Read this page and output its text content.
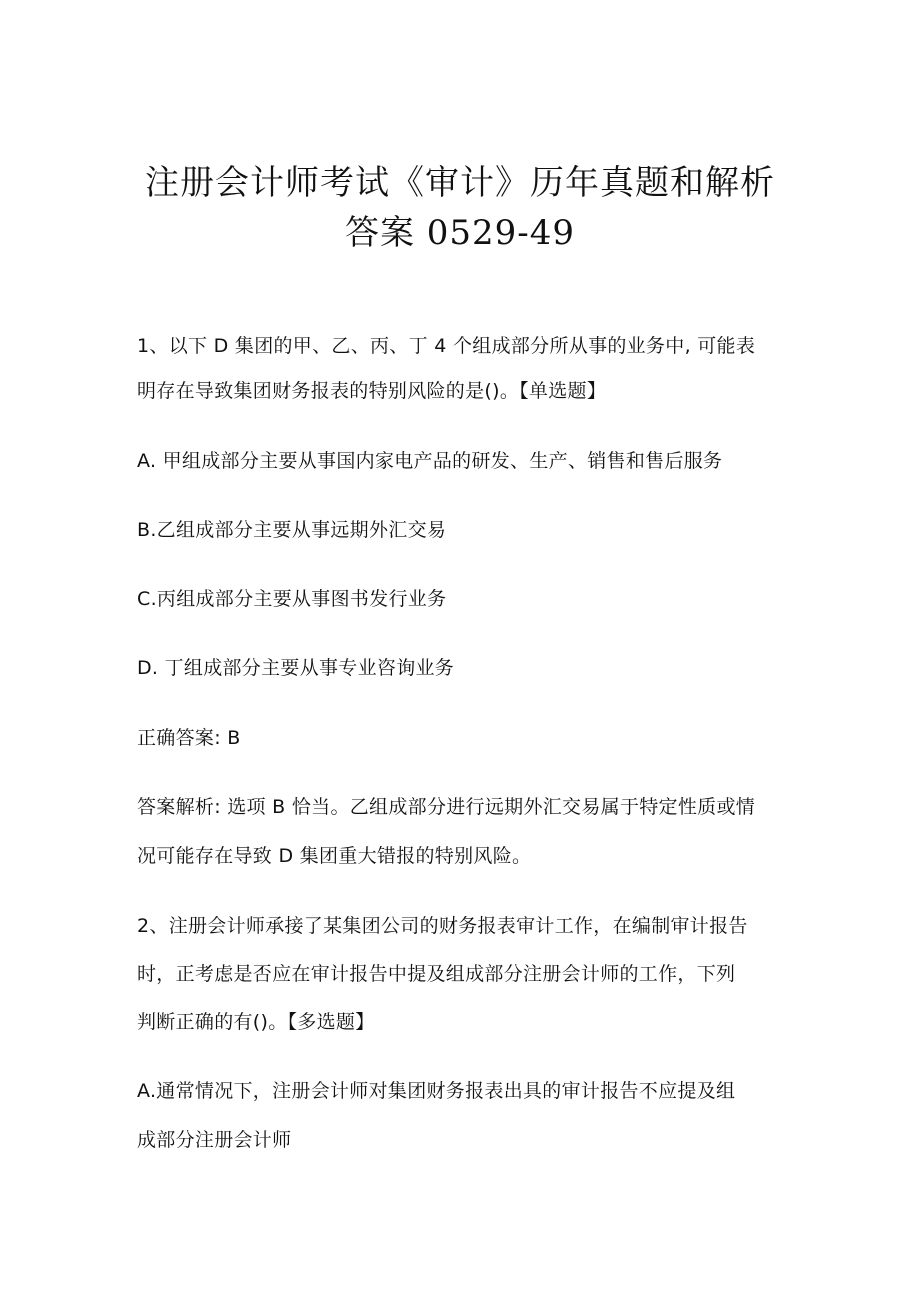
注册会计师考试《审计》历年真题和解析
答案 0529-49
1、以下 D 集团的甲、乙、丙、丁 4 个组成部分所从事的业务中, 可能表
明存在导致集团财务报表的特别风险的是()。【单选题】
A. 甲组成部分主要从事国内家电产品的研发、生产、销售和售后服务
B.乙组成部分主要从事远期外汇交易
C.丙组成部分主要从事图书发行业务
D. 丁组成部分主要从事专业咨询业务
正确答案: B
答案解析: 选项 B 恰当。乙组成部分进行远期外汇交易属于特定性质或情
况可能存在导致 D 集团重大错报的特别风险。
2、注册会计师承接了某集团公司的财务报表审计工作，在编制审计报告
时，正考虑是否应在审计报告中提及组成部分注册会计师的工作，下列
判断正确的有()。【多选题】
A.通常情况下，注册会计师对集团财务报表出具的审计报告不应提及组
成部分注册会计师
